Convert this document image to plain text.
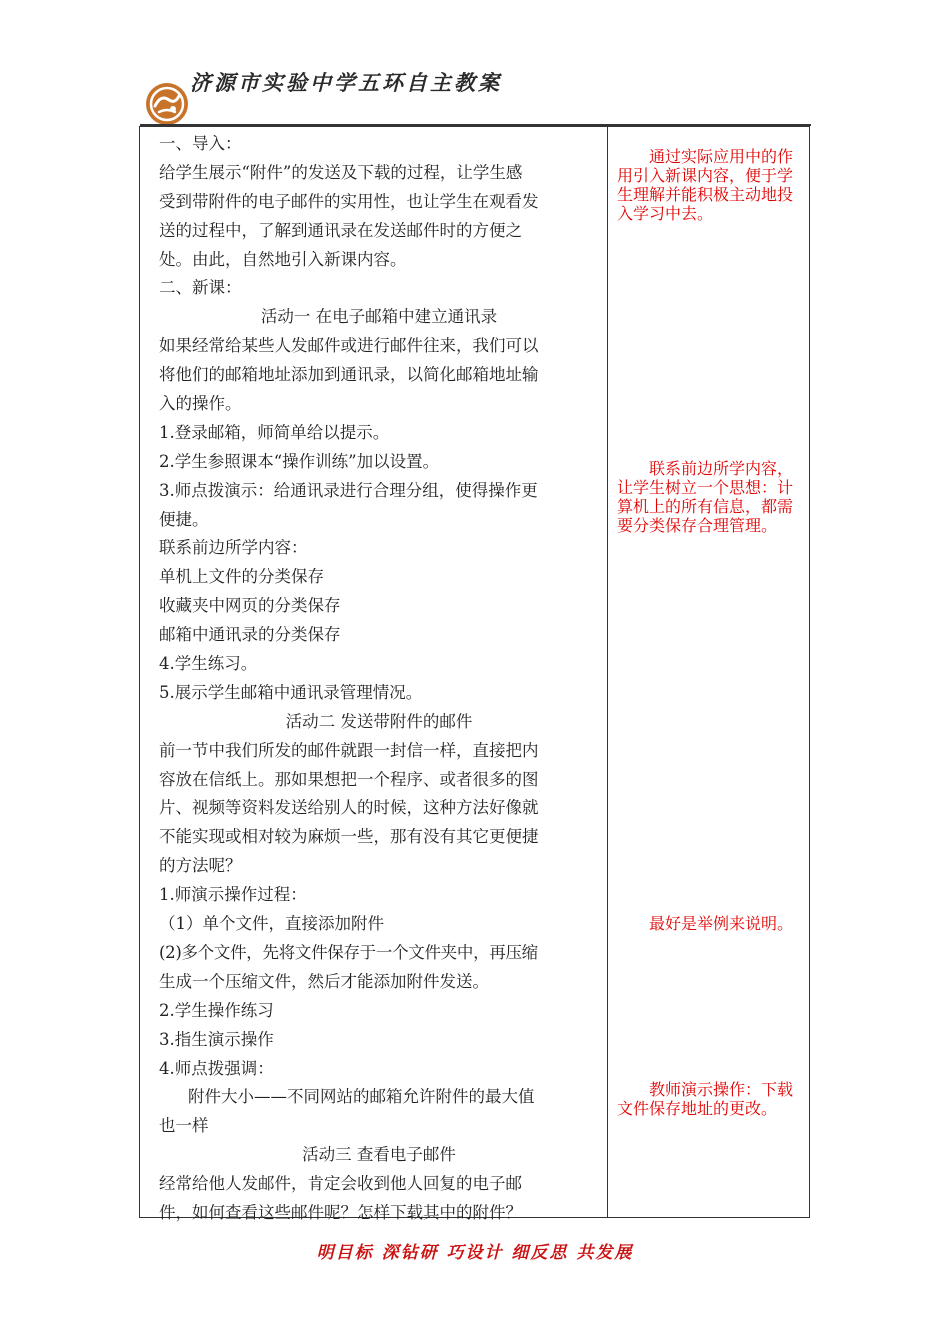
济源市实验中学五环自主教案
一、导入：
给学生展示“附件”的发送及下载的过程，让学生感
受到带附件的电子邮件的实用性，也让学生在观看发
送的过程中，了解到通讯录在发送邮件时的方便之
处。由此，自然地引入新课内容。
二、新课：
活动一 在电子邮箱中建立通讯录
如果经常给某些人发邮件或进行邮件往来，我们可以
将他们的邮箱地址添加到通讯录，以简化邮箱地址输
入的操作。
1.登录邮箱，师简单给以提示。
2.学生参照课本“操作训练”加以设置。
3.师点拨演示：给通讯录进行合理分组，使得操作更
便捷。
联系前边所学内容：
单机上文件的分类保存
收藏夹中网页的分类保存
邮箱中通讯录的分类保存
4.学生练习。
5.展示学生邮箱中通讯录管理情况。
活动二 发送带附件的邮件
前一节中我们所发的邮件就跟一封信一样，直接把内
容放在信纸上。那如果想把一个程序、或者很多的图
片、视频等资料发送给别人的时候，这种方法好像就
不能实现或相对较为麻烦一些，那有没有其它更便捷
的方法呢？
1.师演示操作过程：
（1）单个文件，直接添加附件
(2)多个文件，先将文件保存于一个文件夹中，再压缩
生成一个压缩文件，然后才能添加附件发送。
2.学生操作练习
3.指生演示操作
4.师点拨强调：
附件大小——不同网站的邮箱允许附件的最大值
也一样
活动三 查看电子邮件
经常给他人发邮件，肯定会收到他人回复的电子邮
件，如何查看这些邮件呢？怎样下载其中的附件？
通过实际应用中的作用引入新课内容，便于学生理解并能积极主动地投入学习中去。
联系前边所学内容，让学生树立一个思想：计算机上的所有信息，都需要分类保存合理管理。
最好是举例来说明。
教师演示操作：下载文件保存地址的更改。
明目标 深钻研 巧设计 细反思 共发展
